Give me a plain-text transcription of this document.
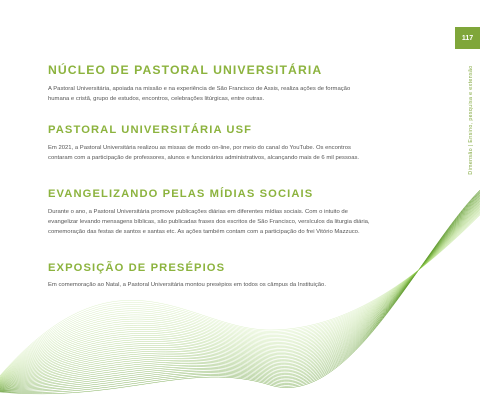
117
Dimensão | Ensino, pesquisa e extensão
NÚCLEO DE PASTORAL UNIVERSITÁRIA

A Pastoral Universitária, apoiada na missão e na experiência de São Francisco de Assis, realiza ações de formação humana e cristã, grupo de estudos, encontros, celebrações litúrgicas, entre outras.

PASTORAL UNIVERSITÁRIA USF

Em 2021, a Pastoral Universitária realizou as missas de modo on-line, por meio do canal do YouTube. Os encontros contaram com a participação de professores, alunos e funcionários administrativos, alcançando mais de 6 mil pessoas.

EVANGELIZANDO PELAS MÍDIAS SOCIAIS

Durante o ano, a Pastoral Universitária promove publicações diárias em diferentes mídias sociais. Com o intuito de evangelizar levando mensagens bíblicas, são publicadas frases dos escritos de São Francisco, versículos da liturgia diária, comemoração das festas de santos e santas etc. As ações também contam com a participação do frei Vitório Mazzuco.

EXPOSIÇÃO DE PRESÉPIOS

Em comemoração ao Natal, a Pastoral Universitária montou presépios em todos os câmpus da Instituição.
